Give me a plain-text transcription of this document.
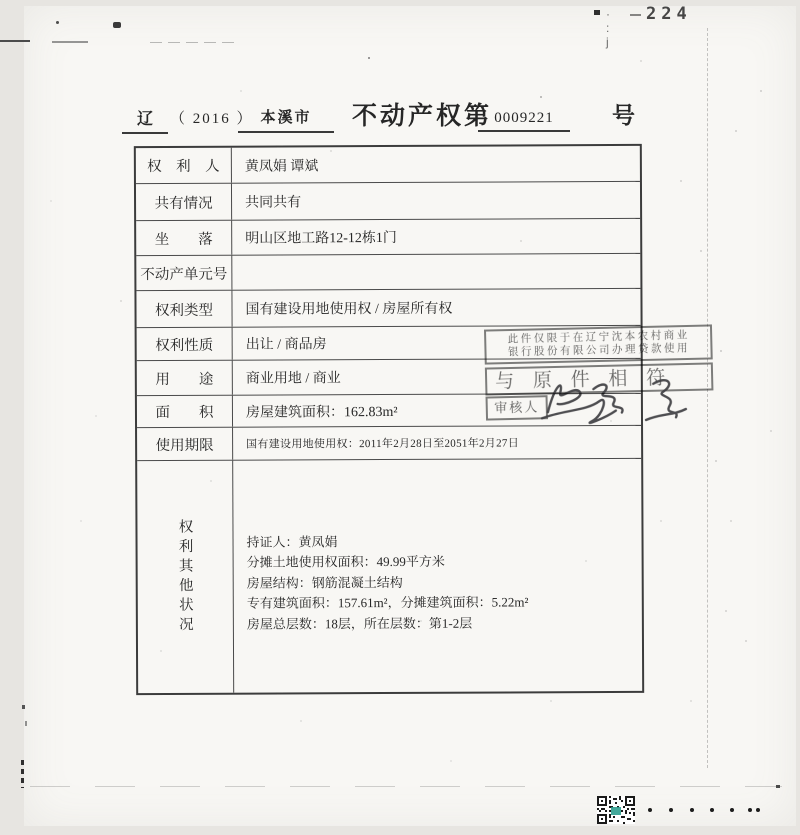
· : j
224
辽	（ 2016 ） 本溪市	不动产权第 0009221	号
权　利　人	黄凤娟 谭斌
共有情况	共同共有
坐　　落	明山区地工路12-12栋1门
不动产单元号
权利类型	国有建设用地使用权 / 房屋所有权
权利性质	出让 / 商品房
用　　途	商业用地 / 商业
面　　积	房屋建筑面积：162.83m²
使用期限	国有建设用地使用权：2011年2月28日至2051年2月27日
权利其他状况	持证人：黄凤娟
分摊土地使用权面积：49.99平方米
房屋结构：钢筋混凝土结构
专有建筑面积：157.61m²，分摊建筑面积：5.22m²
房屋总层数：18层，所在层数：第1-2层
此件仅限于在辽宁沈本农村商业
银行股份有限公司办理贷款使用
与 原 件 相 符
审核人
